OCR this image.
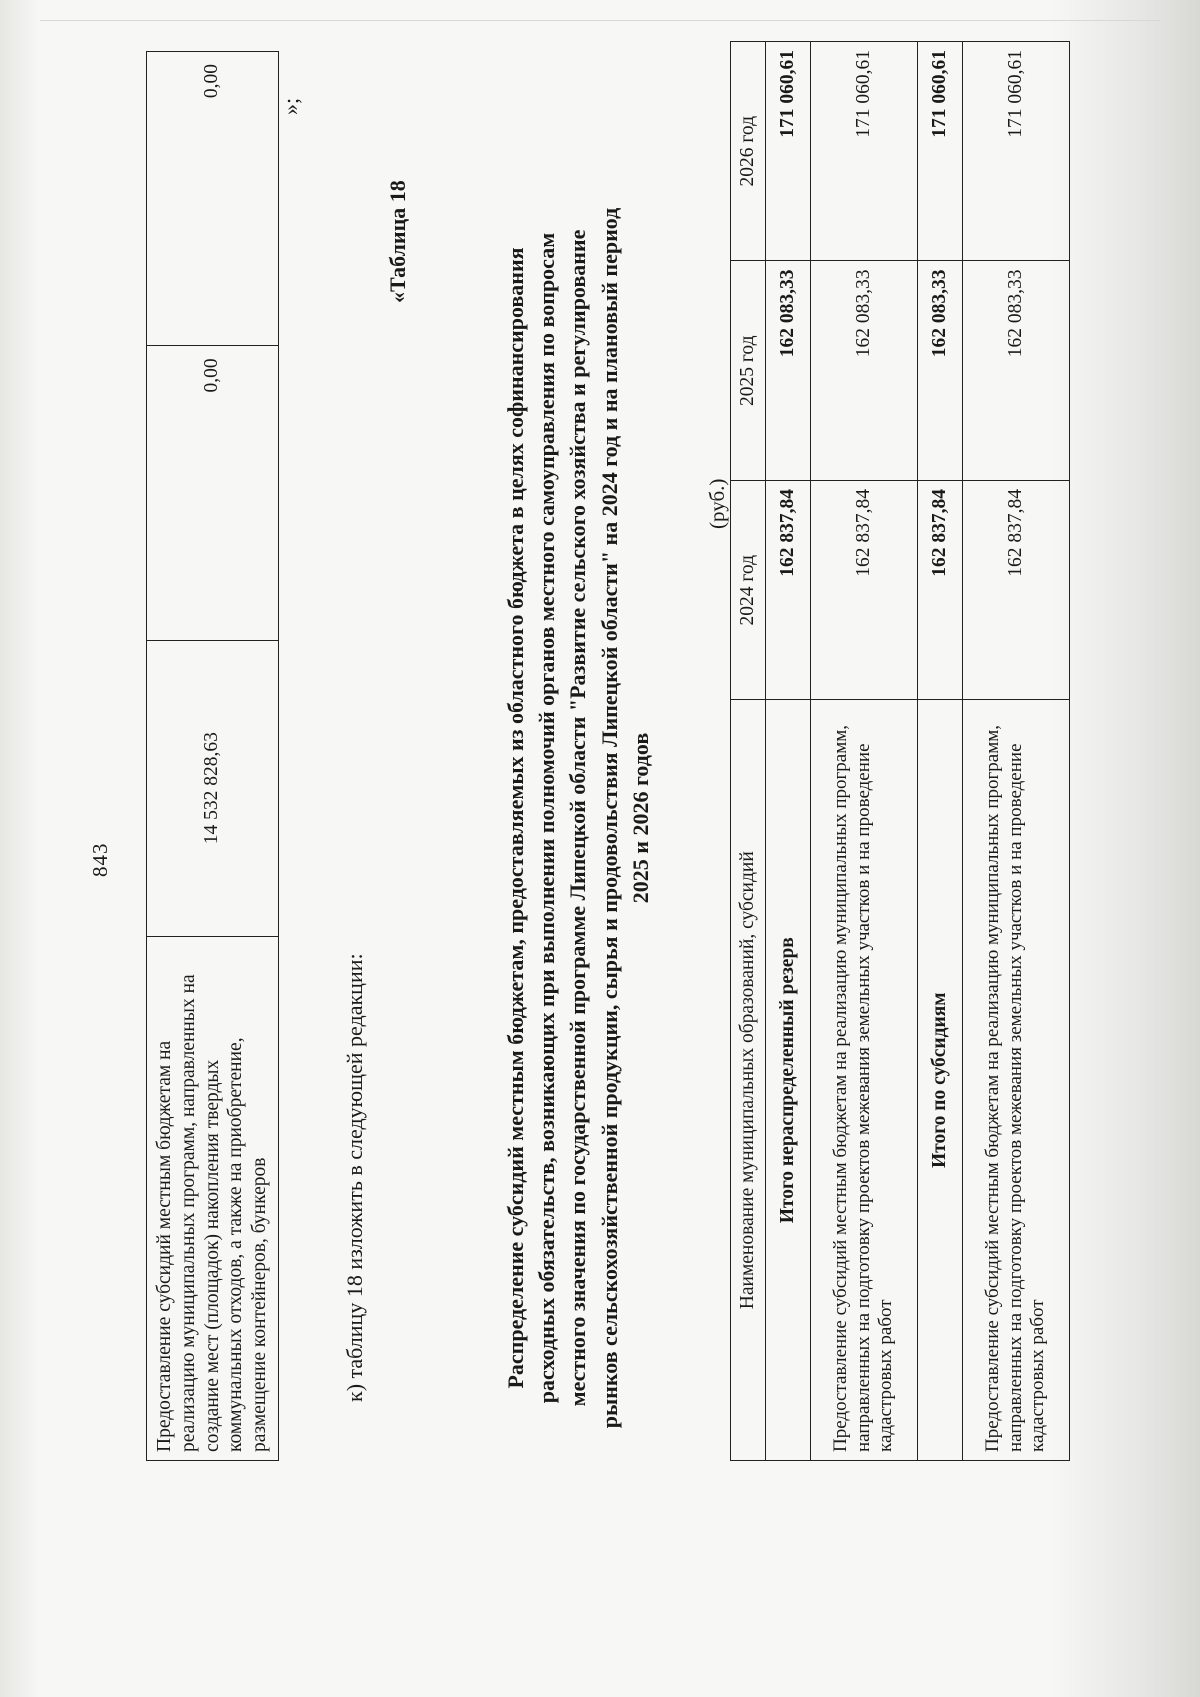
843
Предоставление субсидий местным бюджетам на реализацию муниципальных программ, направленных на создание мест (площадок) накопления твердых коммунальных отходов, а также на приобретение, размещение контейнеров, бункеров	14 532 828,63	0,00	0,00
»;
к) таблицу 18 изложить в следующей редакции:
«Таблица 18
Распределение субсидий местным бюджетам, предоставляемых из областного бюджета в целях софинансирования расходных обязательств, возникающих при выполнении полномочий органов местного самоуправления по вопросам местного значения по государственной программе Липецкой области "Развитие сельского хозяйства и регулирование рынков сельскохозяйственной продукции, сырья и продовольствия Липецкой области" на 2024 год и на плановый период 2025 и 2026 годов
(руб.)
Наименование муниципальных образований, субсидий	2024 год	2025 год	2026 год
Итого нераспределенный резерв	162 837,84	162 083,33	171 060,61
Предоставление субсидий местным бюджетам на реализацию муниципальных программ, направленных на подготовку проектов межевания земельных участков и на проведение кадастровых работ	162 837,84	162 083,33	171 060,61
Итого по субсидиям	162 837,84	162 083,33	171 060,61
Предоставление субсидий местным бюджетам на реализацию муниципальных программ, направленных на подготовку проектов межевания земельных участков и на проведение кадастровых работ	162 837,84	162 083,33	171 060,61
